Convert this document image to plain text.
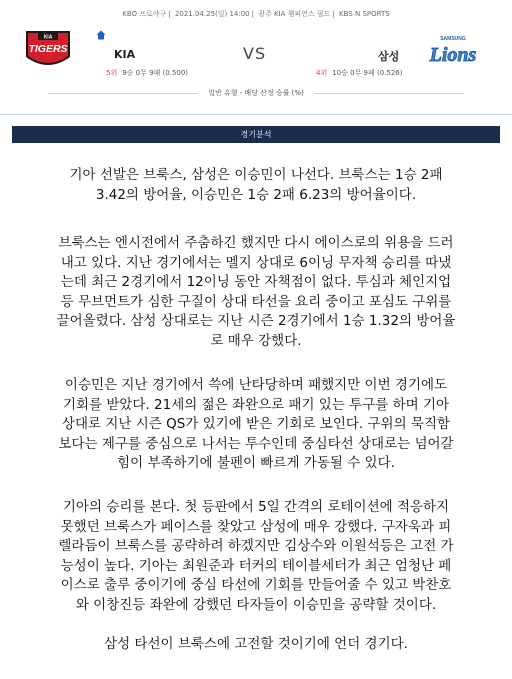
KBO 프로야구 | 2021.04.25(일) 14:00 | 광주 KIA 챔피언스 필드 | KBS N SPORTS
KIA
TIGERS	KIA	VS	삼성
5위 9승 0무 9패 (0.500)	4위 10승 0무 9패 (0.526)
SAMSUNG
Lions
일반 유형 - 배당 산정 승률 (%)
경기분석
기아 선발은 브룩스, 삼성은 이승민이 나선다. 브룩스는 1승 2패
3.42의 방어율, 이승민은 1승 2패 6.23의 방어율이다.
브룩스는 엔시전에서 주춤하긴 했지만 다시 에이스로의 위용을 드러
내고 있다. 지난 경기에서는 멜지 상대로 6이닝 무자책 승리를 따냈
는데 최근 2경기에서 12이닝 동안 자책점이 없다. 투심과 체인지업
등 무브먼트가 심한 구질이 상대 타선을 요리 중이고 포심도 구위를
끌어올렸다. 삼성 상대로는 지난 시즌 2경기에서 1승 1.32의 방어율
로 매우 강했다.
이승민은 지난 경기에서 쓱에 난타당하며 패했지만 이번 경기에도
기회를 받았다. 21세의 젊은 좌완으로 패기 있는 투구를 하며 기아
상대로 지난 시즌 QS가 있기에 받은 기회로 보인다. 구위의 묵직함
보다는 제구를 중심으로 나서는 투수인데 중심타선 상대로는 넘어갈
힘이 부족하기에 불펜이 빠르게 가동될 수 있다.
기아의 승리를 본다. 첫 등판에서 5일 간격의 로테이션에 적응하지
못했던 브룩스가 페이스를 찾았고 삼성에 매우 강했다. 구자욱과 피
렐라듬이 브룩스를 공략하려 하겠지만 김상수와 이원석등은 고전 가
능성이 높다. 기아는 최원준과 터커의 테이블세터가 최근 엄청난 페
이스로 출루 중이기에 중심 타선에 기회를 만들어줄 수 있고 박찬호
와 이창진등 좌완에 강했던 타자들이 이승민을 공략할 것이다.
삼성 타선이 브룩스에 고전할 것이기에 언더 경기다.
